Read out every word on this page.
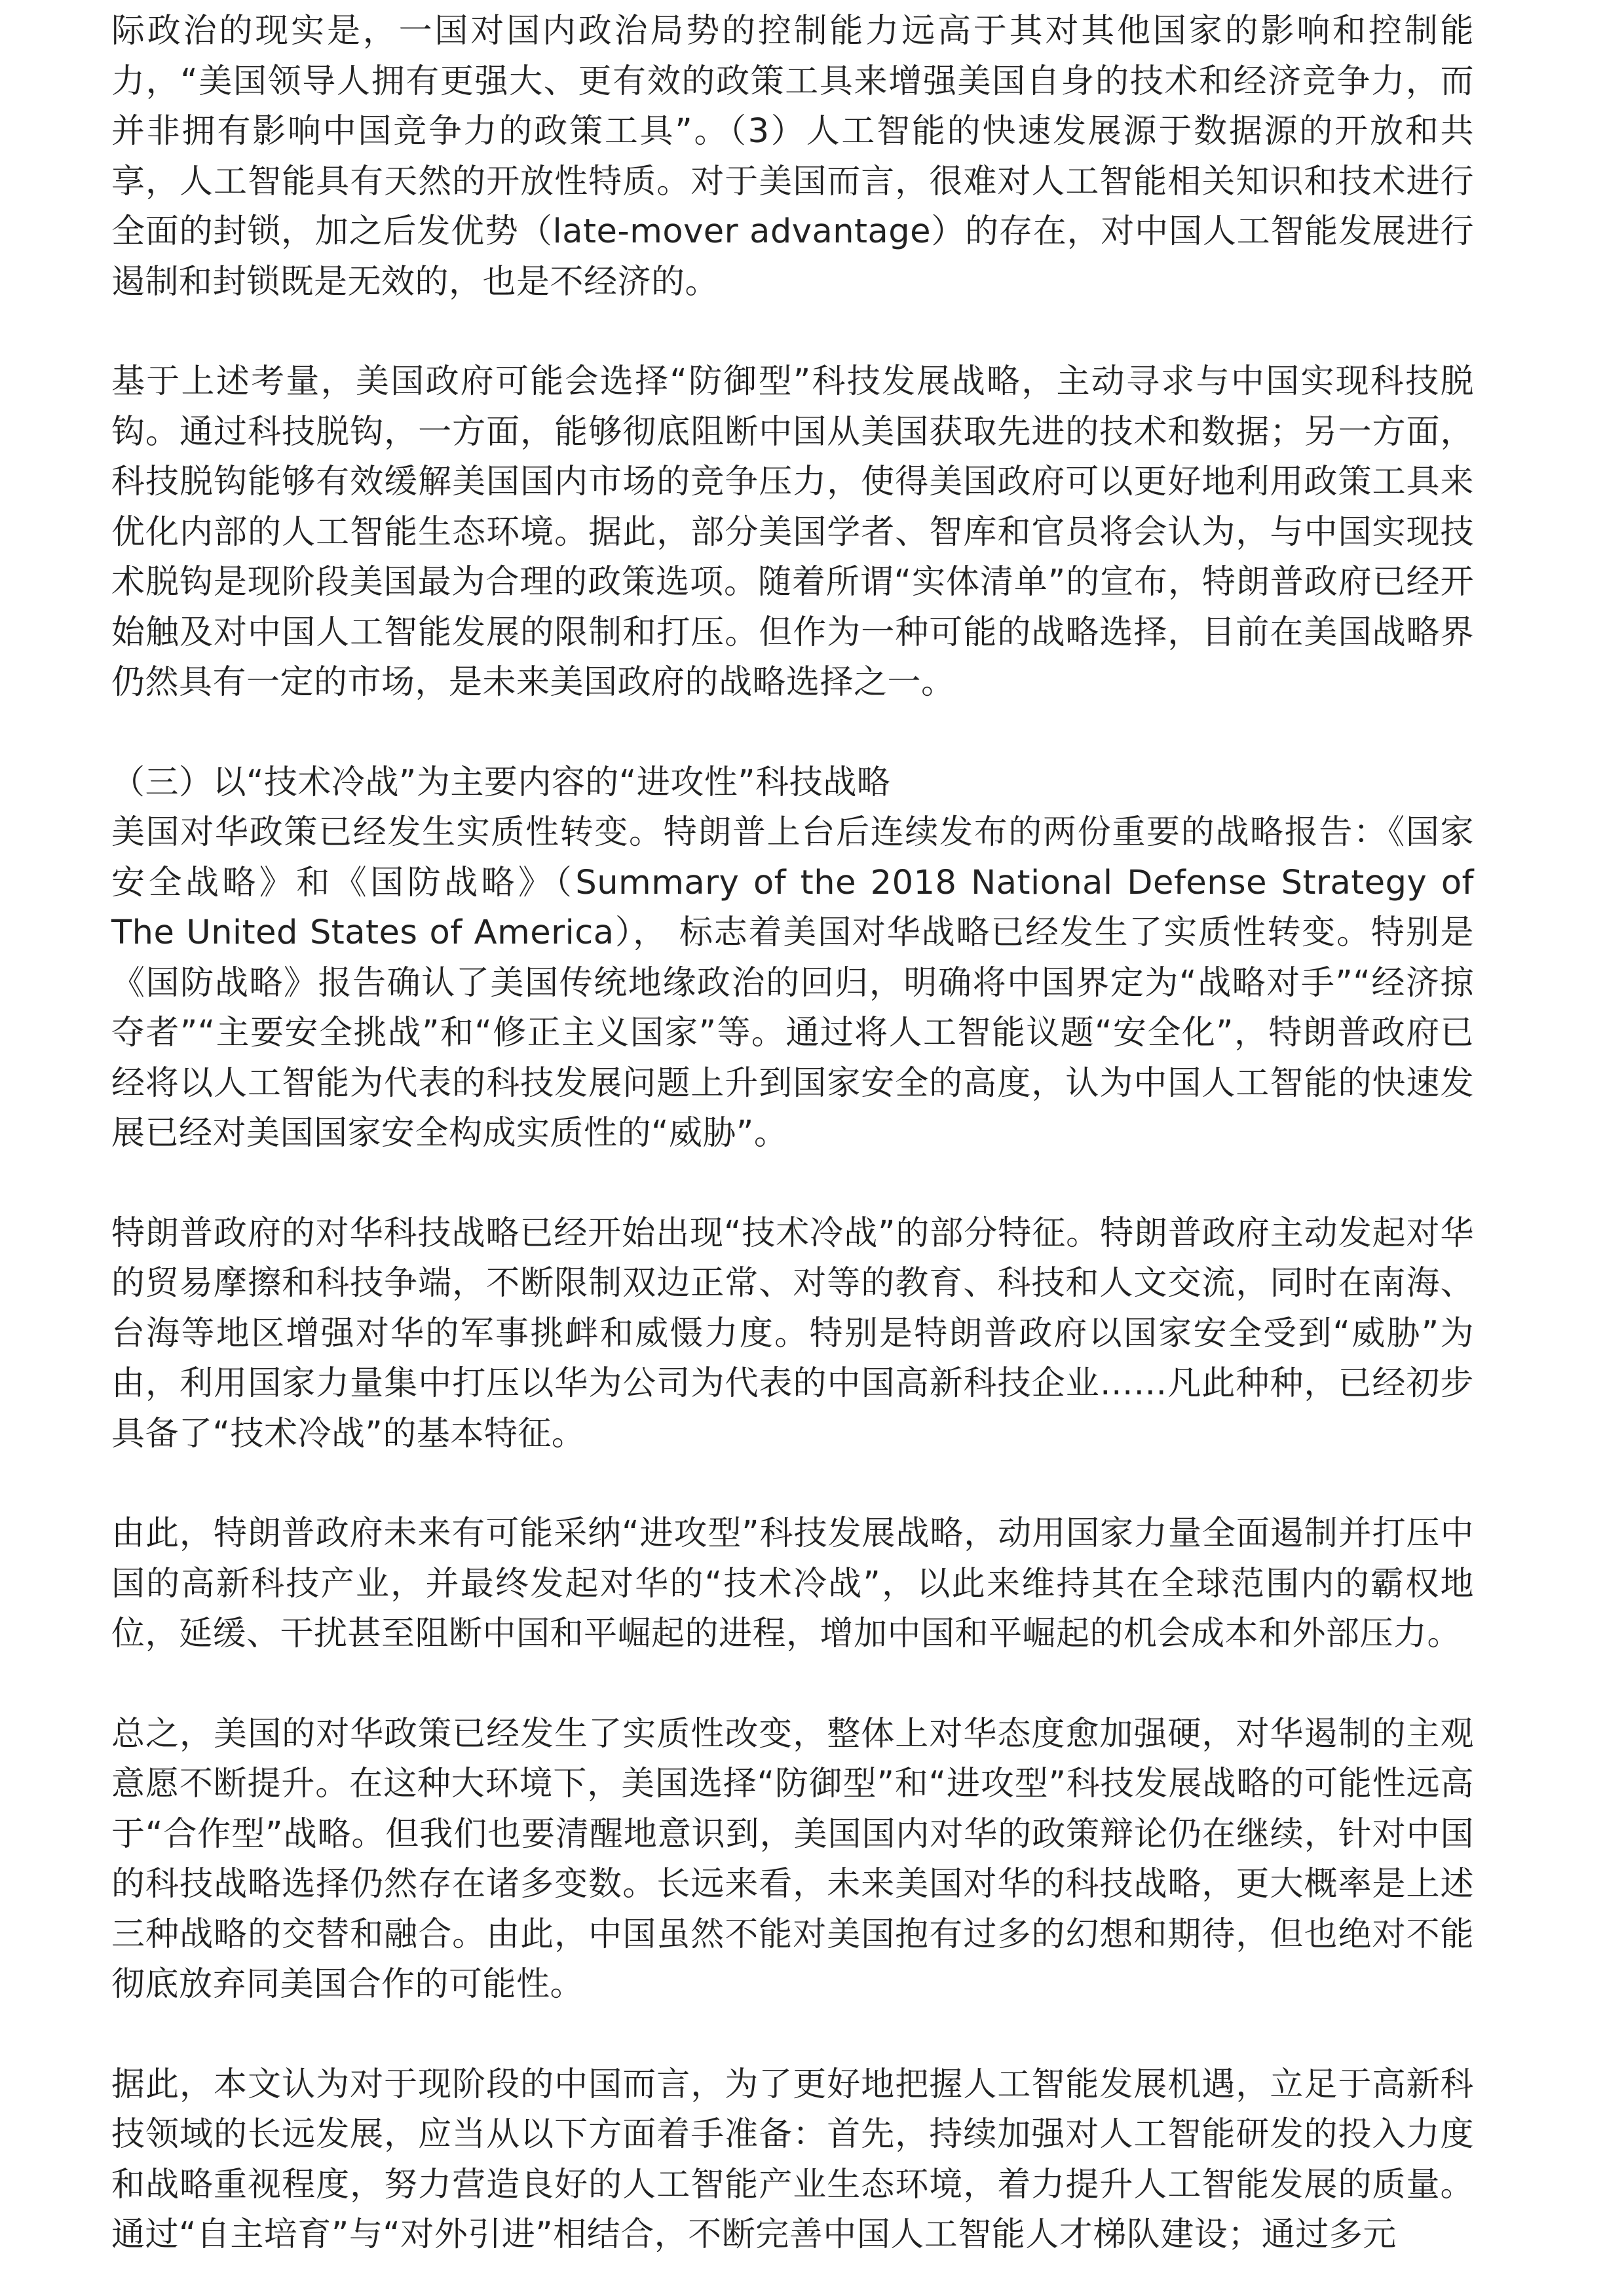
际政治的现实是，一国对国内政治局势的控制能力远高于其对其他国家的影响和控制能力，“美国领导人拥有更强大、更有效的政策工具来增强美国自身的技术和经济竞争力，而并非拥有影响中国竞争力的政策工具”。（3）人工智能的快速发展源于数据源的开放和共享，人工智能具有天然的开放性特质。对于美国而言，很难对人工智能相关知识和技术进行全面的封锁，加之后发优势（late-mover advantage）的存在，对中国人工智能发展进行遏制和封锁既是无效的，也是不经济的。

基于上述考量，美国政府可能会选择“防御型”科技发展战略，主动寻求与中国实现科技脱钩。通过科技脱钩，一方面，能够彻底阻断中国从美国获取先进的技术和数据；另一方面，科技脱钩能够有效缓解美国国内市场的竞争压力，使得美国政府可以更好地利用政策工具来优化内部的人工智能生态环境。据此，部分美国学者、智库和官员将会认为，与中国实现技术脱钩是现阶段美国最为合理的政策选项。随着所谓“实体清单”的宣布，特朗普政府已经开始触及对中国人工智能发展的限制和打压。但作为一种可能的战略选择，目前在美国战略界仍然具有一定的市场，是未来美国政府的战略选择之一。

（三）以“技术冷战”为主要内容的“进攻性”科技战略

美国对华政策已经发生实质性转变。特朗普上台后连续发布的两份重要的战略报告：《国家安全战略》和《国防战略》（Summary of the 2018 National Defense Strategy of The United States of America）， 标志着美国对华战略已经发生了实质性转变。特别是《国防战略》报告确认了美国传统地缘政治的回归，明确将中国界定为“战略对手”“经济掠夺者”“主要安全挑战”和“修正主义国家”等。通过将人工智能议题“安全化”，特朗普政府已经将以人工智能为代表的科技发展问题上升到国家安全的高度，认为中国人工智能的快速发展已经对美国国家安全构成实质性的“威胁”。

特朗普政府的对华科技战略已经开始出现“技术冷战”的部分特征。特朗普政府主动发起对华的贸易摩擦和科技争端，不断限制双边正常、对等的教育、科技和人文交流，同时在南海、台海等地区增强对华的军事挑衅和威慑力度。特别是特朗普政府以国家安全受到“威胁”为由，利用国家力量集中打压以华为公司为代表的中国高新科技企业……凡此种种，已经初步具备了“技术冷战”的基本特征。

由此，特朗普政府未来有可能采纳“进攻型”科技发展战略，动用国家力量全面遏制并打压中国的高新科技产业，并最终发起对华的“技术冷战”，以此来维持其在全球范围内的霸权地位，延缓、干扰甚至阻断中国和平崛起的进程，增加中国和平崛起的机会成本和外部压力。

总之，美国的对华政策已经发生了实质性改变，整体上对华态度愈加强硬，对华遏制的主观意愿不断提升。在这种大环境下，美国选择“防御型”和“进攻型”科技发展战略的可能性远高于“合作型”战略。但我们也要清醒地意识到，美国国内对华的政策辩论仍在继续，针对中国的科技战略选择仍然存在诸多变数。长远来看，未来美国对华的科技战略，更大概率是上述三种战略的交替和融合。由此，中国虽然不能对美国抱有过多的幻想和期待，但也绝对不能彻底放弃同美国合作的可能性。

据此，本文认为对于现阶段的中国而言，为了更好地把握人工智能发展机遇，立足于高新科技领域的长远发展，应当从以下方面着手准备：首先，持续加强对人工智能研发的投入力度和战略重视程度，努力营造良好的人工智能产业生态环境，着力提升人工智能发展的质量。通过“自主培育”与“对外引进”相结合，不断完善中国人工智能人才梯队建设；通过多元
